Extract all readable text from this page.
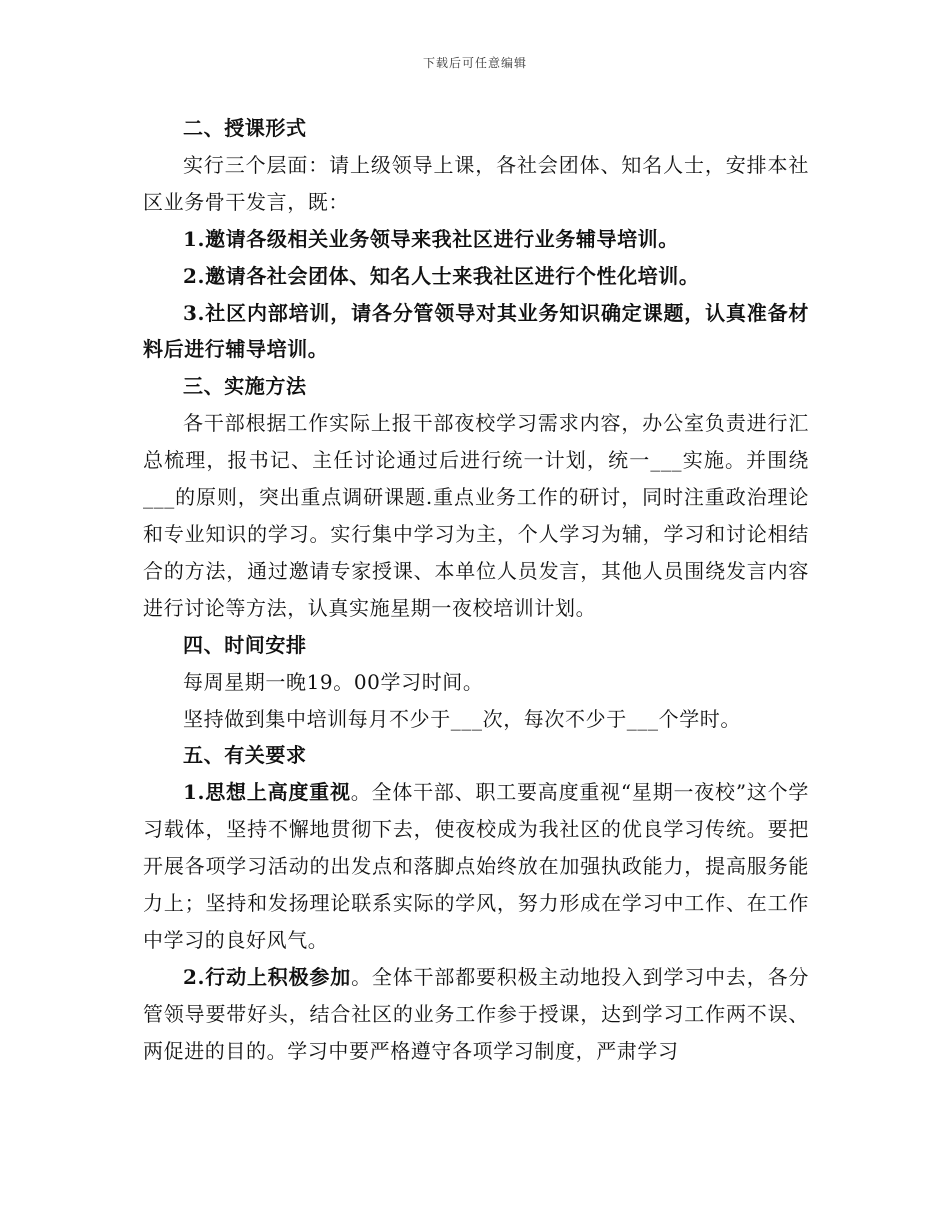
下载后可任意编辑

二、授课形式

实行三个层面：请上级领导上课，各社会团体、知名人士，安排本社区业务骨干发言，既：

1.邀请各级相关业务领导来我社区进行业务辅导培训。

2.邀请各社会团体、知名人士来我社区进行个性化培训。

3.社区内部培训，请各分管领导对其业务知识确定课题，认真准备材料后进行辅导培训。

三、实施方法

各干部根据工作实际上报干部夜校学习需求内容，办公室负责进行汇总梳理，报书记、主任讨论通过后进行统一计划，统一___实施。并围绕___的原则，突出重点调研课题.重点业务工作的研讨，同时注重政治理论和专业知识的学习。实行集中学习为主，个人学习为辅，学习和讨论相结合的方法，通过邀请专家授课、本单位人员发言，其他人员围绕发言内容进行讨论等方法，认真实施星期一夜校培训计划。

四、时间安排

每周星期一晚19。00学习时间。

坚持做到集中培训每月不少于___次，每次不少于___个学时。

五、有关要求

1.思想上高度重视。全体干部、职工要高度重视“星期一夜校”这个学习载体，坚持不懈地贯彻下去，使夜校成为我社区的优良学习传统。要把开展各项学习活动的出发点和落脚点始终放在加强执政能力，提高服务能力上；坚持和发扬理论联系实际的学风，努力形成在学习中工作、在工作中学习的良好风气。

2.行动上积极参加。全体干部都要积极主动地投入到学习中去，各分管领导要带好头，结合社区的业务工作参于授课，达到学习工作两不误、两促进的目的。学习中要严格遵守各项学习制度，严肃学习
